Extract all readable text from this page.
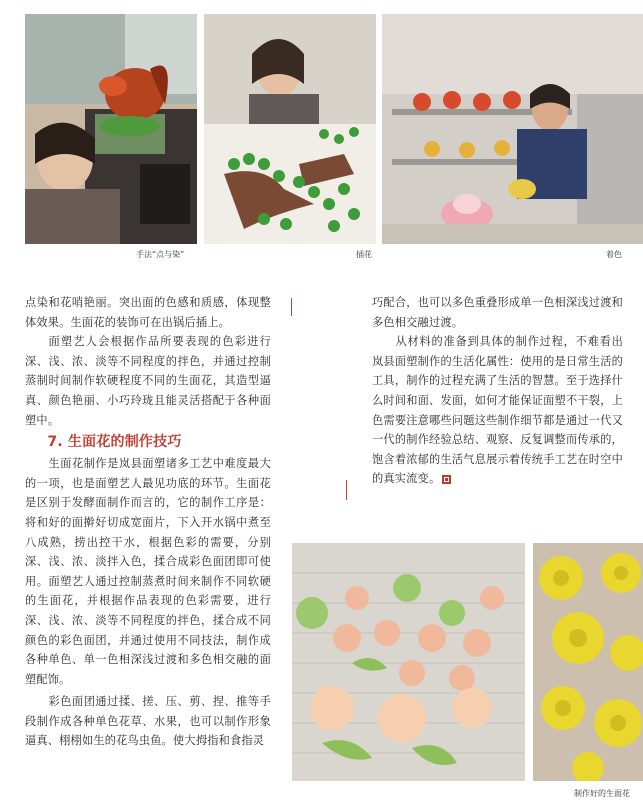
手法“点与染”	插花	着色

点染和花哨艳丽。突出面的色感和质感，体现整体效果。生面花的装饰可在出锅后插上。

面塑艺人会根据作品所要表现的色彩进行深、浅、浓、淡等不同程度的拌色，并通过控制蒸制时间制作软硬程度不同的生面花，其造型逼真、颜色艳丽、小巧玲珑且能灵活搭配于各种面塑中。

7. 生面花的制作技巧

生面花制作是岚县面塑诸多工艺中难度最大的一项，也是面塑艺人最见功底的环节。生面花是区别于发酵面制作而言的，它的制作工序是：将和好的面擀好切成宽面片，下入开水锅中煮至八成熟，捞出控干水，根据色彩的需要，分别深、浅、浓、淡拌入色，揉合成彩色面团即可使用。面塑艺人通过控制蒸煮时间来制作不同软硬的生面花，并根据作品表现的色彩需要，进行深、浅、浓、淡等不同程度的拌色，揉合成不同颜色的彩色面团，并通过使用不同技法，制作成各种单色、单一色相深浅过渡和多色相交融的面塑配饰。

彩色面团通过揉、搓、压、剪、捏、推等手段制作成各种单色花草、水果，也可以制作形象逼真、栩栩如生的花鸟虫鱼。使大拇指和食指灵

巧配合，也可以多色重叠形成单一色相深浅过渡和多色相交融过渡。

从材料的准备到具体的制作过程，不难看出岚县面塑制作的生活化属性：使用的是日常生活的工具，制作的过程充满了生活的智慧。至于选择什么时间和面、发面，如何才能保证面塑不干裂，上色需要注意哪些问题这些制作细节都是通过一代又一代的制作经验总结、观察、反复调整而传承的，饱含着浓郁的生活气息展示着传统手工艺在时空中的真实流变。

制作好的生面花
